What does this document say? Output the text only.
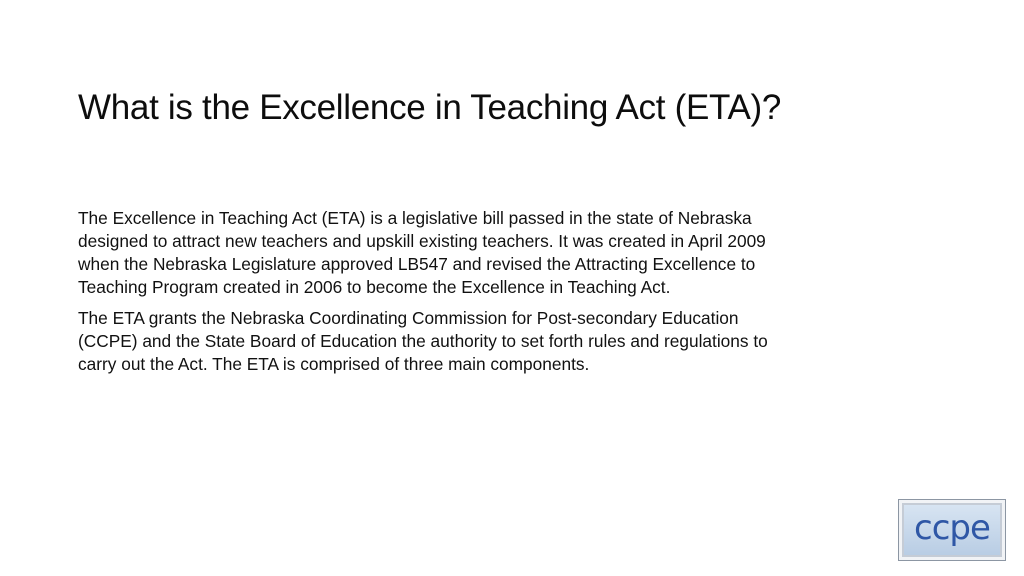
What is the Excellence in Teaching Act (ETA)?

The Excellence in Teaching Act (ETA) is a legislative bill passed in the state of Nebraska
designed to attract new teachers and upskill existing teachers. It was created in April 2009
when the Nebraska Legislature approved LB547 and revised the Attracting Excellence to
Teaching Program created in 2006 to become the Excellence in Teaching Act.

The ETA grants the Nebraska Coordinating Commission for Post-secondary Education
(CCPE) and the State Board of Education the authority to set forth rules and regulations to
carry out the Act. The ETA is comprised of three main components.

ccpe
